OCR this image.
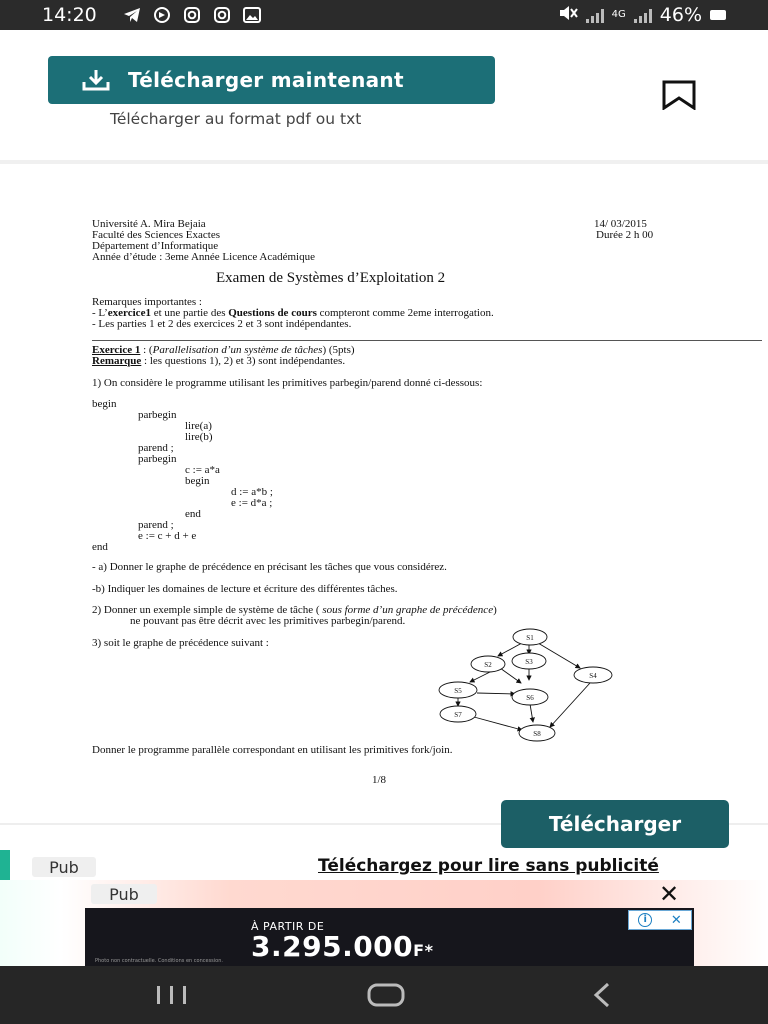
14:20	4G 46%
Télécharger maintenant
Télécharger au format pdf ou txt
Université A. Mira Bejaia
Faculté des Sciences Exactes
Département d’Informatique
Année d’étude : 3eme Année Licence Académique
14/ 03/2015
Durée 2 h 00
Examen de Systèmes d’Exploitation 2
Remarques importantes :
- L’exercice1 et une partie des Questions de cours compteront comme 2eme interrogation.
- Les parties 1 et 2 des exercices 2 et 3 sont indépendantes.
Exercice 1 : (Parallelisation d’un système de tâches) (5pts)
Remarque : les questions 1), 2) et 3) sont indépendantes.
1) On considère le programme utilisant les primitives parbegin/parend donné ci-dessous:
begin
parbegin
lire(a)
lire(b)
parend ;
parbegin
c := a*a
begin
d := a*b ;
e := d*a ;
end
parend ;
e := c + d + e
end
- a) Donner le graphe de précédence en précisant les tâches que vous considérez.
-b) Indiquer les domaines de lecture et écriture des différentes tâches.
2) Donner un exemple simple de système de tâche ( sous forme d’un graphe de précédence)
ne pouvant pas être décrit avec les primitives parbegin/parend.
3) soit le graphe de précédence suivant :	S1
S2	S3
S4
S5
S6
S7
S8
Donner le programme parallèle correspondant en utilisant les primitives fork/join.
1/8
Télécharger
Pub	Téléchargez pour lire sans publicité
Pub	✕
À PARTIR DE
3.295.000F*
Photo non contractuelle. Conditions en concession.
i	✕
